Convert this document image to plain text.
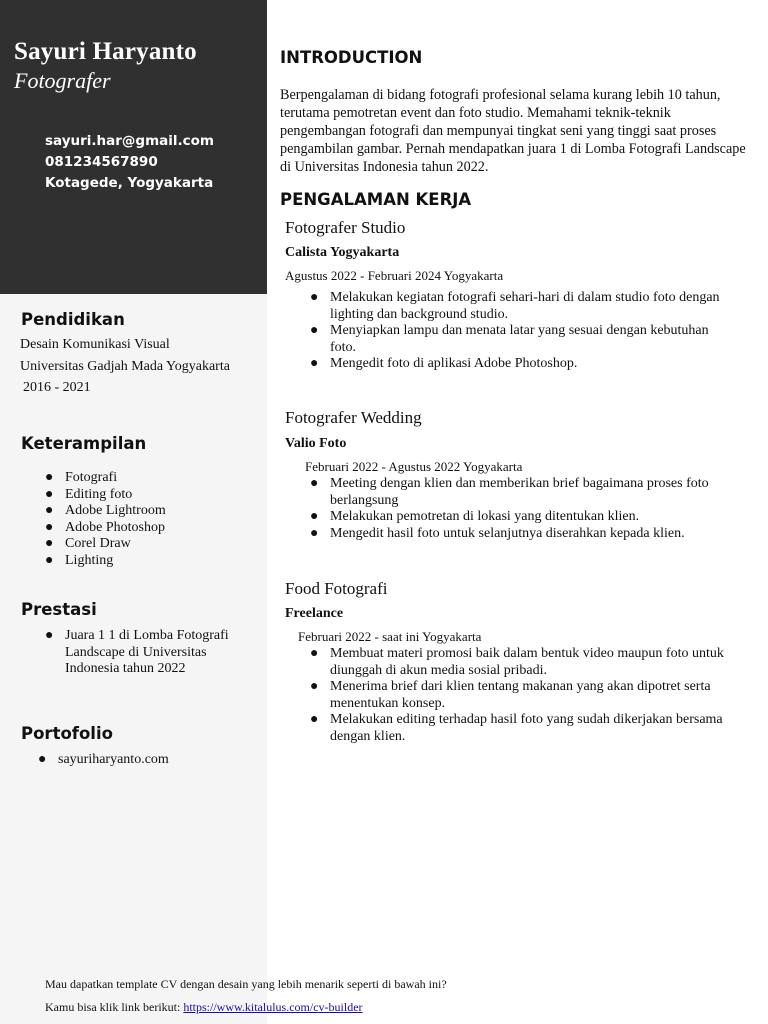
Sayuri Haryanto
Fotografer
sayuri.har@gmail.com
081234567890
Kotagede, Yogyakarta
Pendidikan
Desain Komunikasi Visual
Universitas Gadjah Mada Yogyakarta
2016 - 2021
Keterampilan
● Fotografi
● Editing foto
● Adobe Lightroom
● Adobe Photoshop
● Corel Draw
● Lighting
Prestasi
● Juara 1 1 di Lomba Fotografi Landscape di Universitas Indonesia tahun 2022
Portofolio
● sayuriharyanto.com
INTRODUCTION
Berpengalaman di bidang fotografi profesional selama kurang lebih 10 tahun, terutama pemotretan event dan foto studio. Memahami teknik-teknik pengembangan fotografi dan mempunyai tingkat seni yang tinggi saat proses pengambilan gambar. Pernah mendapatkan juara 1 di Lomba Fotografi Landscape di Universitas Indonesia tahun 2022.
PENGALAMAN KERJA
Fotografer Studio
Calista Yogyakarta
Agustus 2022 - Februari 2024 Yogyakarta
● Melakukan kegiatan fotografi sehari-hari di dalam studio foto dengan lighting dan background studio.
● Menyiapkan lampu dan menata latar yang sesuai dengan kebutuhan foto.
● Mengedit foto di aplikasi Adobe Photoshop.
Fotografer Wedding
Valio Foto
Februari 2022 - Agustus 2022 Yogyakarta
● Meeting dengan klien dan memberikan brief bagaimana proses foto berlangsung
● Melakukan pemotretan di lokasi yang ditentukan klien.
● Mengedit hasil foto untuk selanjutnya diserahkan kepada klien.
Food Fotografi
Freelance
Februari 2022 - saat ini Yogyakarta
● Membuat materi promosi baik dalam bentuk video maupun foto untuk diunggah di akun media sosial pribadi.
● Menerima brief dari klien tentang makanan yang akan dipotret serta menentukan konsep.
● Melakukan editing terhadap hasil foto yang sudah dikerjakan bersama dengan klien.
Mau dapatkan template CV dengan desain yang lebih menarik seperti di bawah ini?
Kamu bisa klik link berikut: https://www.kitalulus.com/cv-builder
